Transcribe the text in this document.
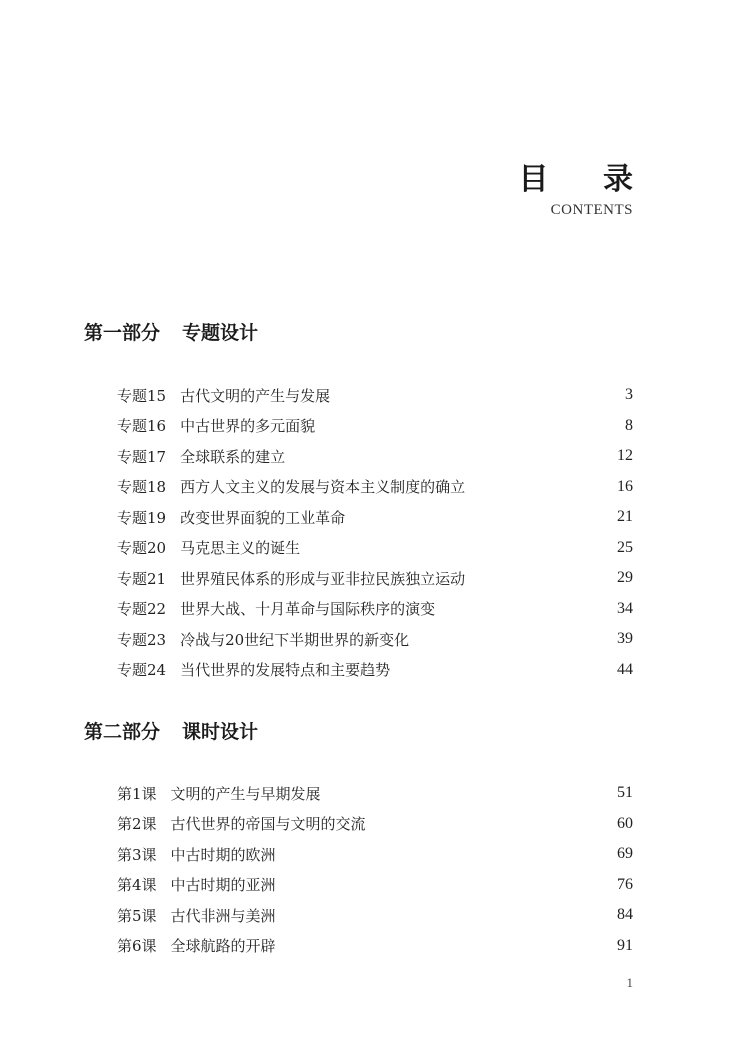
目 录
CONTENTS
第一部分 专题设计
专题15 古代文明的产生与发展	3
专题16 中古世界的多元面貌	8
专题17 全球联系的建立	12
专题18 西方人文主义的发展与资本主义制度的确立	16
专题19 改变世界面貌的工业革命	21
专题20 马克思主义的诞生	25
专题21 世界殖民体系的形成与亚非拉民族独立运动	29
专题22 世界大战、十月革命与国际秩序的演变	34
专题23 冷战与20世纪下半期世界的新变化	39
专题24 当代世界的发展特点和主要趋势	44
第二部分 课时设计
第1课 文明的产生与早期发展	51
第2课 古代世界的帝国与文明的交流	60
第3课 中古时期的欧洲	69
第4课 中古时期的亚洲	76
第5课 古代非洲与美洲	84
第6课 全球航路的开辟	91
1
